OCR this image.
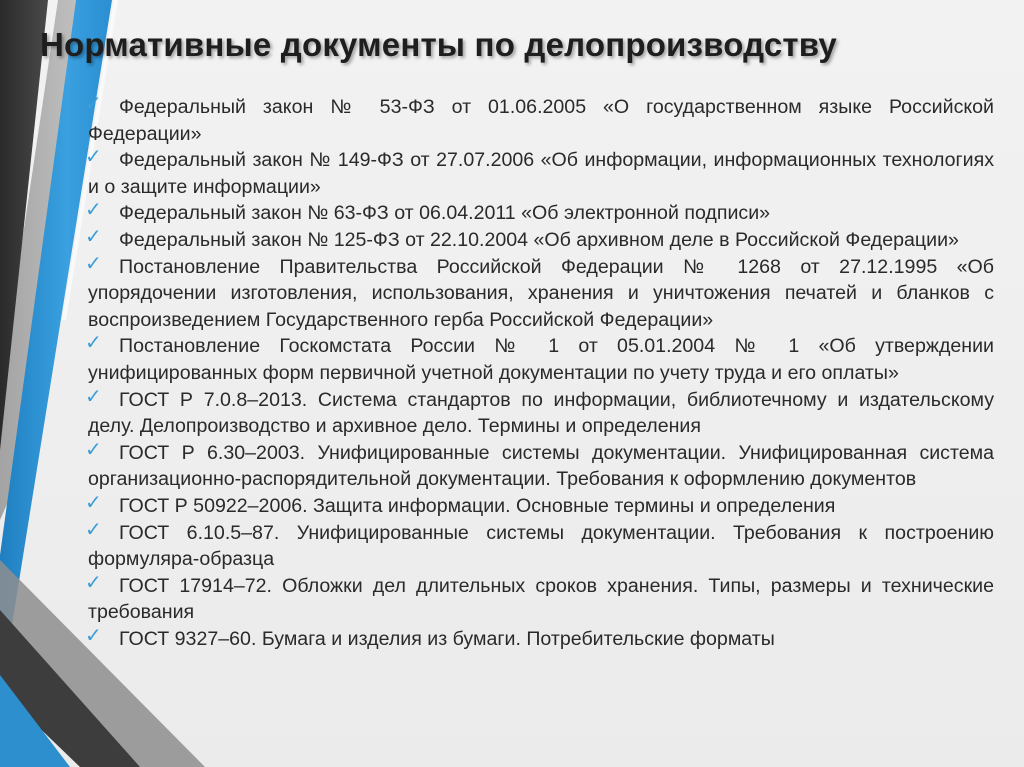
Нормативные документы по делопроизводству
✓ Федеральный закон № 53-ФЗ от 01.06.2005 «О государственном языке Российской Федерации»
✓ Федеральный закон № 149-ФЗ от 27.07.2006 «Об информации, информационных технологиях и о защите информации»
✓ Федеральный закон № 63-ФЗ от 06.04.2011 «Об электронной подписи»
✓ Федеральный закон № 125-ФЗ от 22.10.2004 «Об архивном деле в Российской Федерации»
✓ Постановление Правительства Российской Федерации № 1268 от 27.12.1995 «Об упорядочении изготовления, использования, хранения и уничтожения печатей и бланков с воспроизведением Государственного герба Российской Федерации»
✓ Постановление Госкомстата России № 1 от 05.01.2004 № 1 «Об утверждении унифицированных форм первичной учетной документации по учету труда и его оплаты»
✓ ГОСТ Р 7.0.8–2013. Система стандартов по информации, библиотечному и издательскому делу. Делопроизводство и архивное дело. Термины и определения
✓ ГОСТ Р 6.30–2003. Унифицированные системы документации. Унифицированная система организационно-распорядительной документации. Требования к оформлению документов
✓ ГОСТ Р 50922–2006. Защита информации. Основные термины и определения
✓ ГОСТ 6.10.5–87. Унифицированные системы документации. Требования к построению формуляра-образца
✓ ГОСТ 17914–72. Обложки дел длительных сроков хранения. Типы, размеры и технические требования
✓ ГОСТ 9327–60. Бумага и изделия из бумаги. Потребительские форматы
